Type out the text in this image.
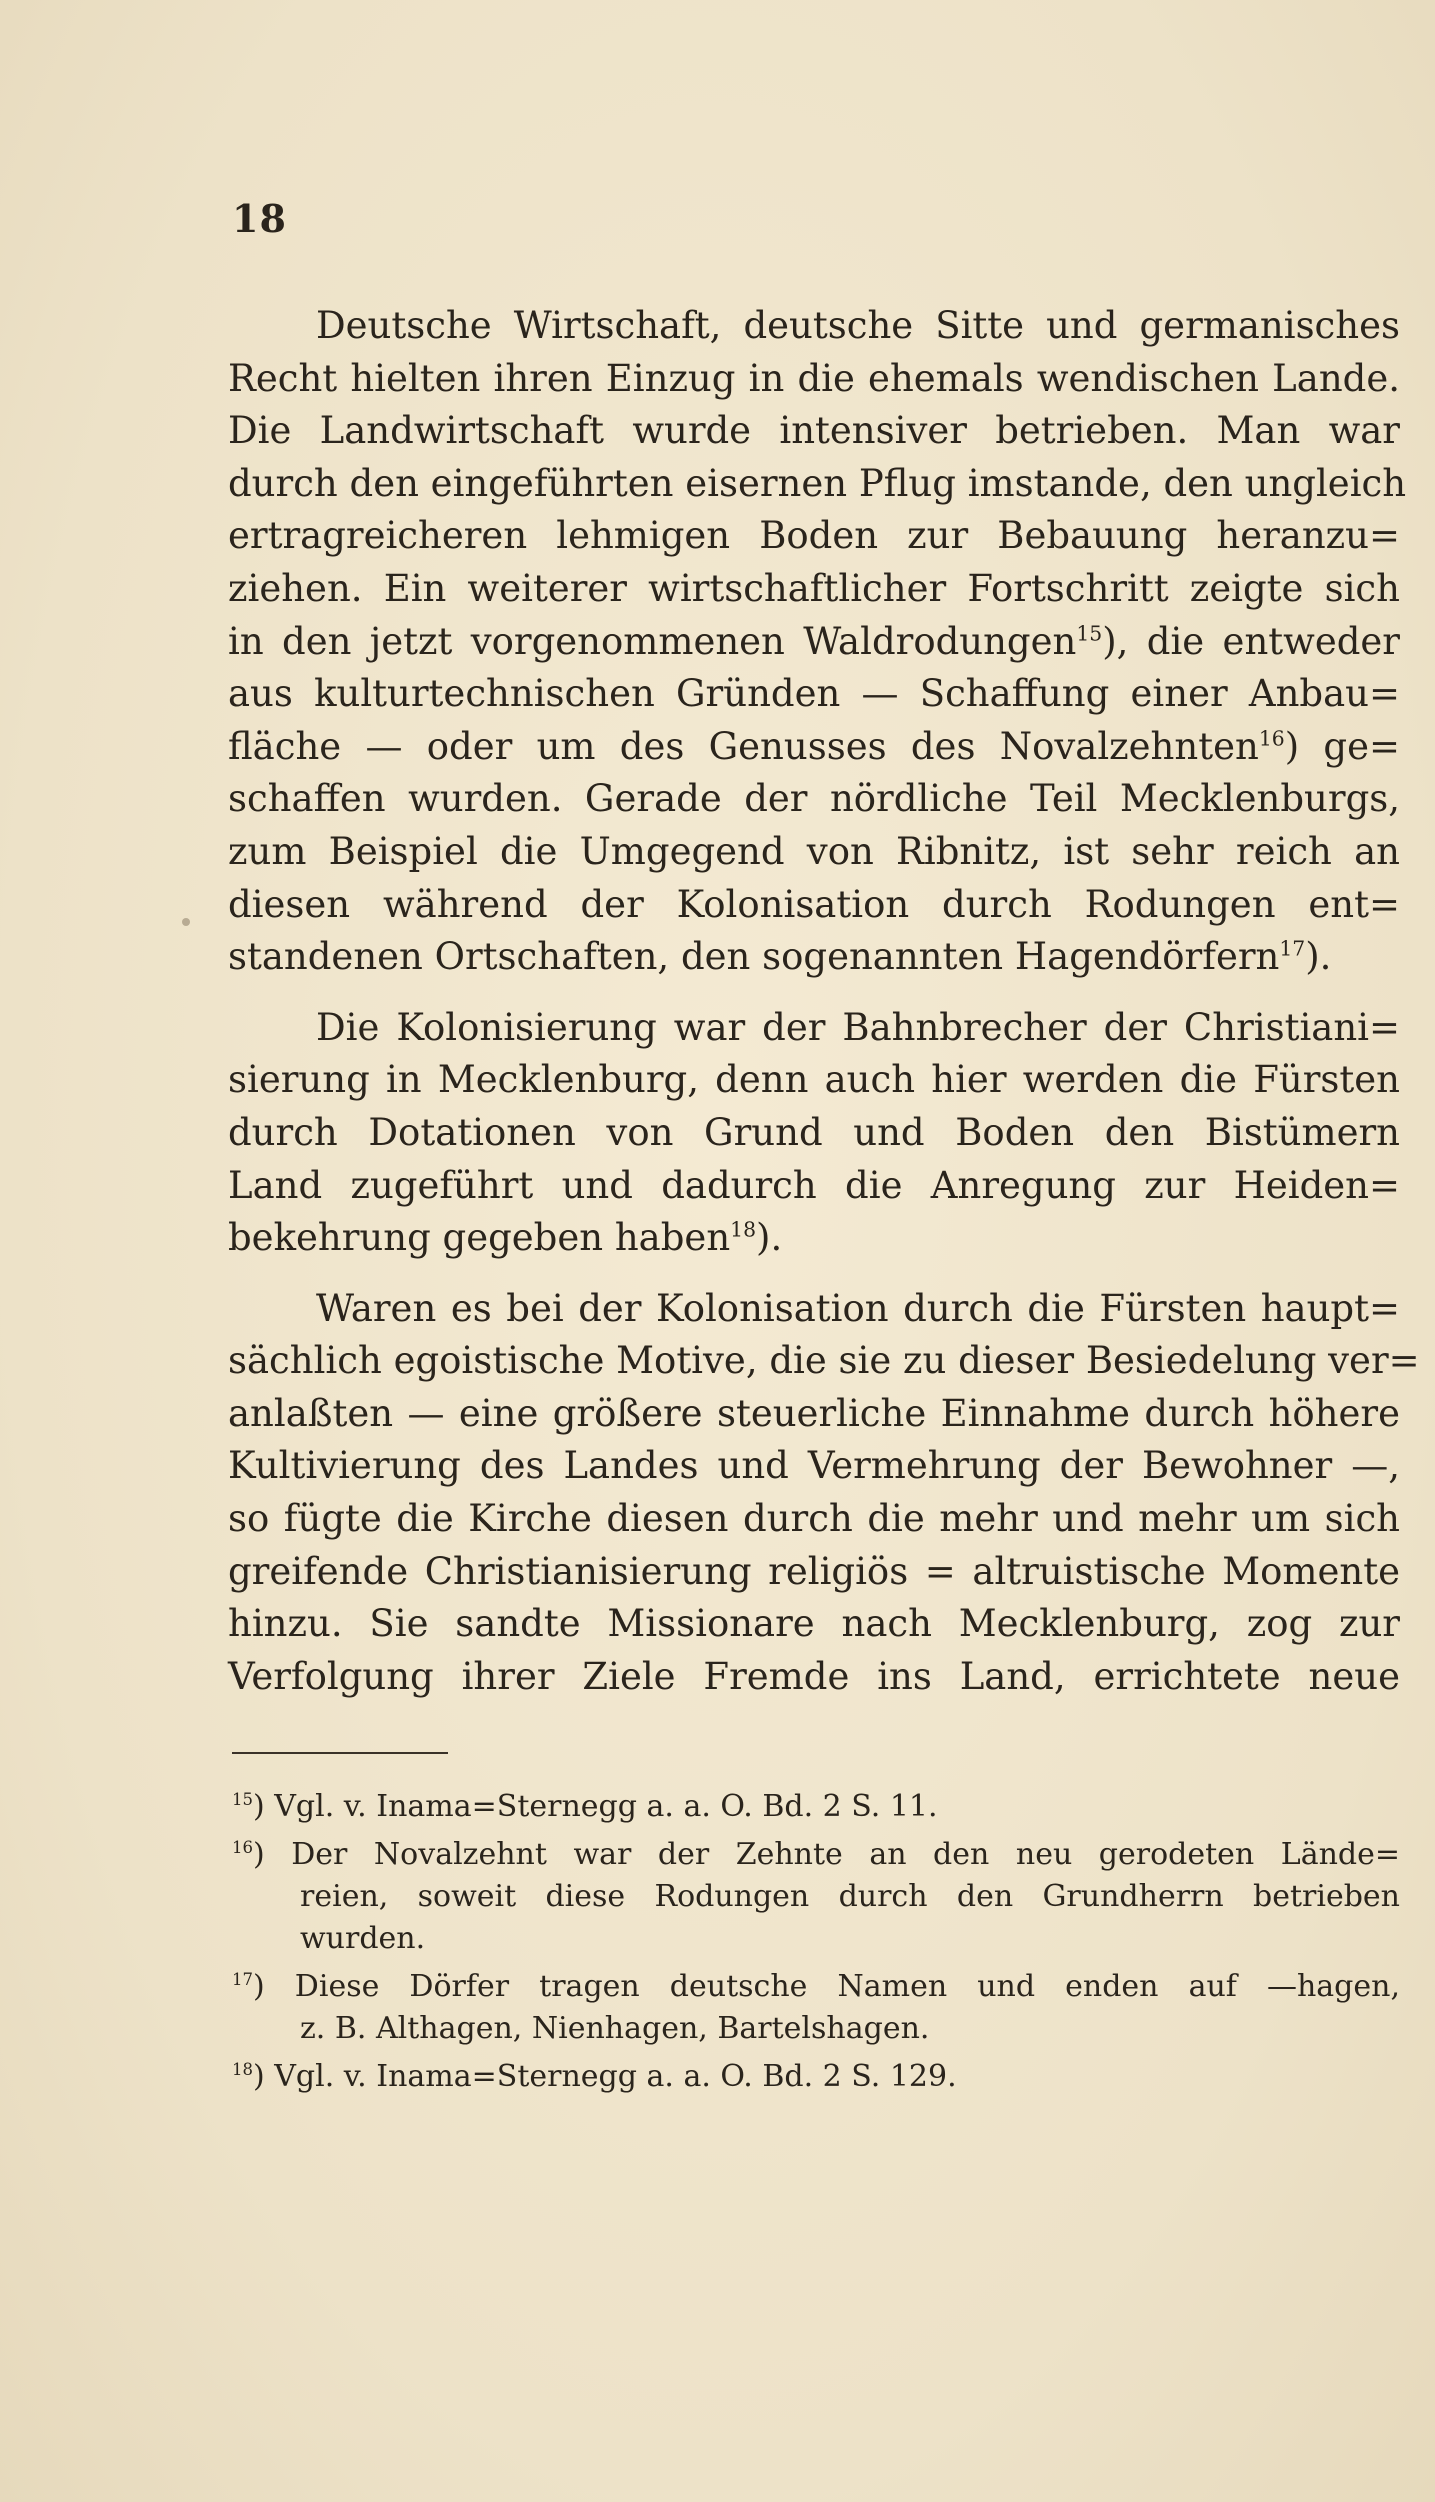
18
Deutsche Wirtschaft, deutsche Sitte und germanisches
Recht hielten ihren Einzug in die ehemals wendischen Lande.
Die Landwirtschaft wurde intensiver betrieben. Man war
durch den eingeführten eisernen Pflug imstande, den ungleich
ertragreicheren lehmigen Boden zur Bebauung heranzu=
ziehen. Ein weiterer wirtschaftlicher Fortschritt zeigte sich
in den jetzt vorgenommenen Waldrodungen$^{15}$), die entweder
aus kulturtechnischen Gründen — Schaffung einer Anbau=
fläche — oder um des Genusses des Novalzehnten$^{16}$) ge=
schaffen wurden. Gerade der nördliche Teil Mecklenburgs,
zum Beispiel die Umgegend von Ribnitz, ist sehr reich an
diesen während der Kolonisation durch Rodungen ent=
standenen Ortschaften, den sogenannten Hagendörfern$^{17}$).
Die Kolonisierung war der Bahnbrecher der Christiani=
sierung in Mecklenburg, denn auch hier werden die Fürsten
durch Dotationen von Grund und Boden den Bistümern
Land zugeführt und dadurch die Anregung zur Heiden=
bekehrung gegeben haben$^{18}$).
Waren es bei der Kolonisation durch die Fürsten haupt=
sächlich egoistische Motive, die sie zu dieser Besiedelung ver=
anlaßten — eine größere steuerliche Einnahme durch höhere
Kultivierung des Landes und Vermehrung der Bewohner —,
so fügte die Kirche diesen durch die mehr und mehr um sich
greifende Christianisierung religiös = altruistische Momente
hinzu. Sie sandte Missionare nach Mecklenburg, zog zur
Verfolgung ihrer Ziele Fremde ins Land, errichtete neue
$^{15}$) Vgl. v. Inama=Sternegg a. a. O. Bd. 2 S. 11.
$^{16}$) Der Novalzehnt war der Zehnte an den neu gerodeten Lände=
reien, soweit diese Rodungen durch den Grundherrn betrieben
wurden.
$^{17}$) Diese Dörfer tragen deutsche Namen und enden auf —hagen,
z. B. Althagen, Nienhagen, Bartelshagen.
$^{18}$) Vgl. v. Inama=Sternegg a. a. O. Bd. 2 S. 129.
